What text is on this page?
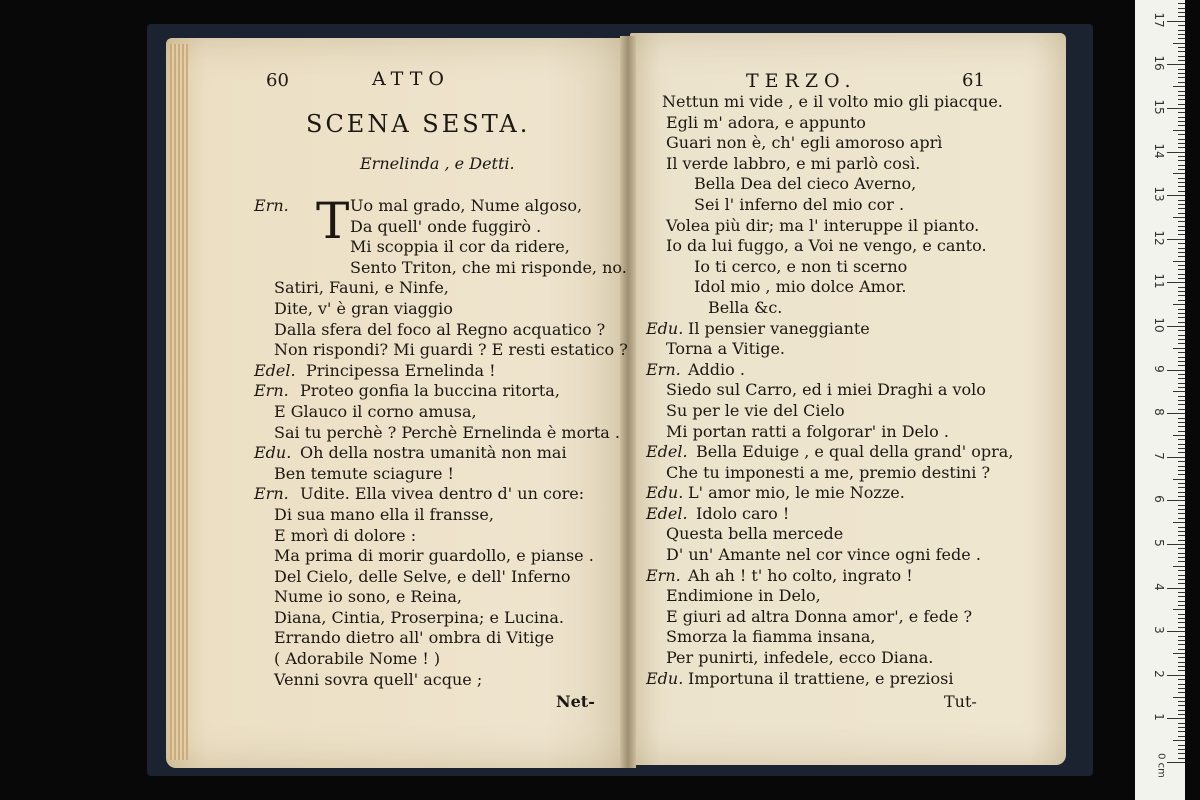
60	ATTO
SCENA SESTA.
Ernelinda , e Detti.
T
Ern.	Uo mal grado, Nume algoso,
Da quell' onde fuggirò .
Mi scoppia il cor da ridere,
Sento Triton, che mi risponde, no.
Satiri, Fauni, e Ninfe,
Dite, v' è gran viaggio
Dalla sfera del foco al Regno acquatico ?
Non rispondi? Mi guardi ? E resti estatico ?
Edel. Principessa Ernelinda !
Ern. Proteo gonfia la buccina ritorta,
E Glauco il corno amusa,
Sai tu perchè ? Perchè Ernelinda è morta .
Edu. Oh della nostra umanità non mai
Ben temute sciagure !
Ern. Udite. Ella vivea dentro d' un core:
Di sua mano ella il fransse,
E morì di dolore :
Ma prima di morir guardollo, e pianse .
Del Cielo, delle Selve, e dell' Inferno
Nume io sono, e Reina,
Diana, Cintia, Proserpina; e Lucina.
Errando dietro all' ombra di Vitige
( Adorabile Nome ! )
Venni sovra quell' acque ;
Net-
TERZO.	61
Nettun mi vide , e il volto mio gli piacque.
Egli m' adora, e appunto
Guari non è, ch' egli amoroso aprì
Il verde labbro, e mi parlò così.
Bella Dea del cieco Averno,
Sei l' inferno del mio cor .
Volea più dir; ma l' interuppe il pianto.
Io da lui fuggo, a Voi ne vengo, e canto.
Io ti cerco, e non ti scerno
Idol mio , mio dolce Amor.
Bella &c.
Edu. Il pensier vaneggiante
Torna a Vitige.
Ern. Addio .
Siedo sul Carro, ed i miei Draghi a volo
Su per le vie del Cielo
Mi portan ratti a folgorar' in Delo .
Edel. Bella Eduige , e qual della grand' opra,
Che tu imponesti a me, premio destini ?
Edu. L' amor mio, le mie Nozze.
Edel. Idolo caro !
Questa bella mercede
D' un' Amante nel cor vince ogni fede .
Ern. Ah ah ! t' ho colto, ingrato !
Endimione in Delo,
E giuri ad altra Donna amor', e fede ?
Smorza la fiamma insana,
Per punirti, infedele, ecco Diana.
Edu. Importuna il trattiene, e preziosi
Tut-
0 cm
1
2
3
4
5
6
7
8
9
10
11
12
13
14
15
16
17
